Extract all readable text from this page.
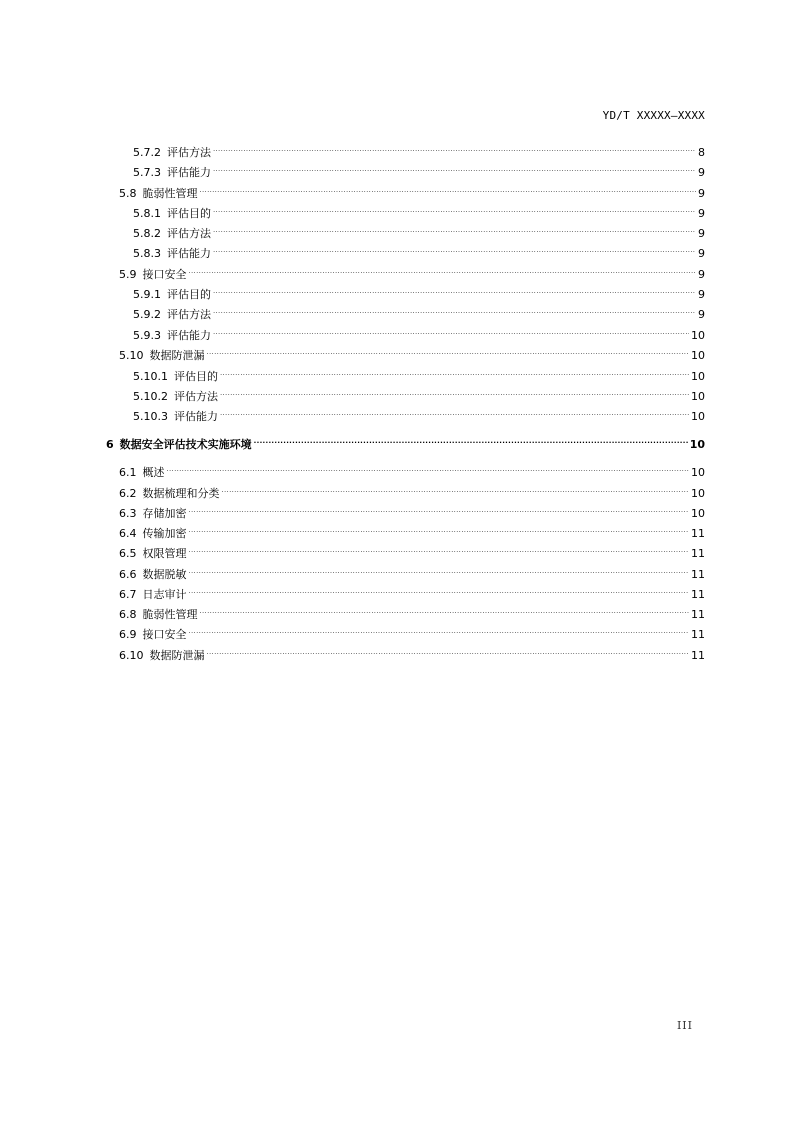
YD/T XXXXX—XXXX
5.7.2 评估方法 .....	8
5.7.3 评估能力 .....	9
5.8 脆弱性管理 .....	9
5.8.1 评估目的 .....	9
5.8.2 评估方法 .....	9
5.8.3 评估能力 .....	9
5.9 接口安全 .....	9
5.9.1 评估目的 .....	9
5.9.2 评估方法 .....	9
5.9.3 评估能力 .....	10
5.10 数据防泄漏 .....	10
5.10.1 评估目的 .....	10
5.10.2 评估方法 .....	10
5.10.3 评估能力 .....	10
6 数据安全评估技术实施环境 .....	10
6.1 概述 .....	10
6.2 数据梳理和分类 .....	10
6.3 存储加密 .....	10
6.4 传输加密 .....	11
6.5 权限管理 .....	11
6.6 数据脱敏 .....	11
6.7 日志审计 .....	11
6.8 脆弱性管理 .....	11
6.9 接口安全 .....	11
6.10 数据防泄漏 .....	11
III
